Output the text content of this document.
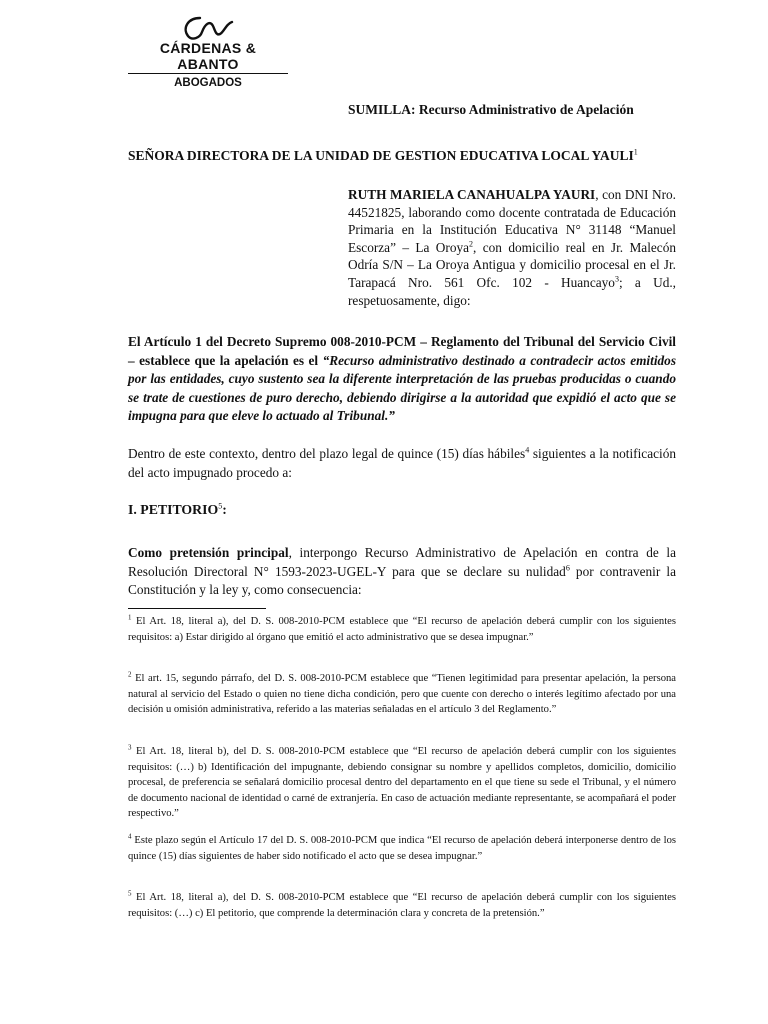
CÁRDENAS & ABANTO
ABOGADOS
SUMILLA: Recurso Administrativo de Apelación
SEÑORA DIRECTORA DE LA UNIDAD DE GESTION EDUCATIVA LOCAL YAULI$^1$
RUTH MARIELA CANAHUALPA YAURI, con DNI Nro. 44521825, laborando como docente contratada de Educación Primaria en la Institución Educativa N° 31148 “Manuel Escorza” – La Oroya$^2$, con domicilio real en Jr. Malecón Odría S/N – La Oroya Antigua y domicilio procesal en el Jr. Tarapacá Nro. 561 Ofc. 102 - Huancayo$^3$; a Ud., respetuosamente, digo:
El Artículo 1 del Decreto Supremo 008-2010-PCM – Reglamento del Tribunal del Servicio Civil – establece que la apelación es el “Recurso administrativo destinado a contradecir actos emitidos por las entidades, cuyo sustento sea la diferente interpretación de las pruebas producidas o cuando se trate de cuestiones de puro derecho, debiendo dirigirse a la autoridad que expidió el acto que se impugna para que eleve lo actuado al Tribunal.”
Dentro de este contexto, dentro del plazo legal de quince (15) días hábiles$^4$ siguientes a la notificación del acto impugnado procedo a:
I. PETITORIO$^5$:
Como pretensión principal, interpongo Recurso Administrativo de Apelación en contra de la Resolución Directoral N° 1593-2023-UGEL-Y para que se declare su nulidad$^6$ por contravenir la Constitución y la ley y, como consecuencia:
$^1$ El Art. 18, literal a), del D. S. 008-2010-PCM establece que “El recurso de apelación deberá cumplir con los siguientes requisitos: a) Estar dirigido al órgano que emitió el acto administrativo que se desea impugnar.”
$^2$ El art. 15, segundo párrafo, del D. S. 008-2010-PCM establece que “Tienen legitimidad para presentar apelación, la persona natural al servicio del Estado o quien no tiene dicha condición, pero que cuente con derecho o interés legítimo afectado por una decisión u omisión administrativa, referido a las materias señaladas en el artículo 3 del Reglamento.”
$^3$ El Art. 18, literal b), del D. S. 008-2010-PCM establece que “El recurso de apelación deberá cumplir con los siguientes requisitos: (…) b) Identificación del impugnante, debiendo consignar su nombre y apellidos completos, domicilio, domicilio procesal, de preferencia se señalará domicilio procesal dentro del departamento en el que tiene su sede el Tribunal, y el número de documento nacional de identidad o carné de extranjería. En caso de actuación mediante representante, se acompañará el poder respectivo.”
$^4$ Este plazo según el Artículo 17 del D. S. 008-2010-PCM que indica “El recurso de apelación deberá interponerse dentro de los quince (15) días siguientes de haber sido notificado el acto que se desea impugnar.”
$^5$ El Art. 18, literal a), del D. S. 008-2010-PCM establece que “El recurso de apelación deberá cumplir con los siguientes requisitos: (…) c) El petitorio, que comprende la determinación clara y concreta de la pretensión.”
